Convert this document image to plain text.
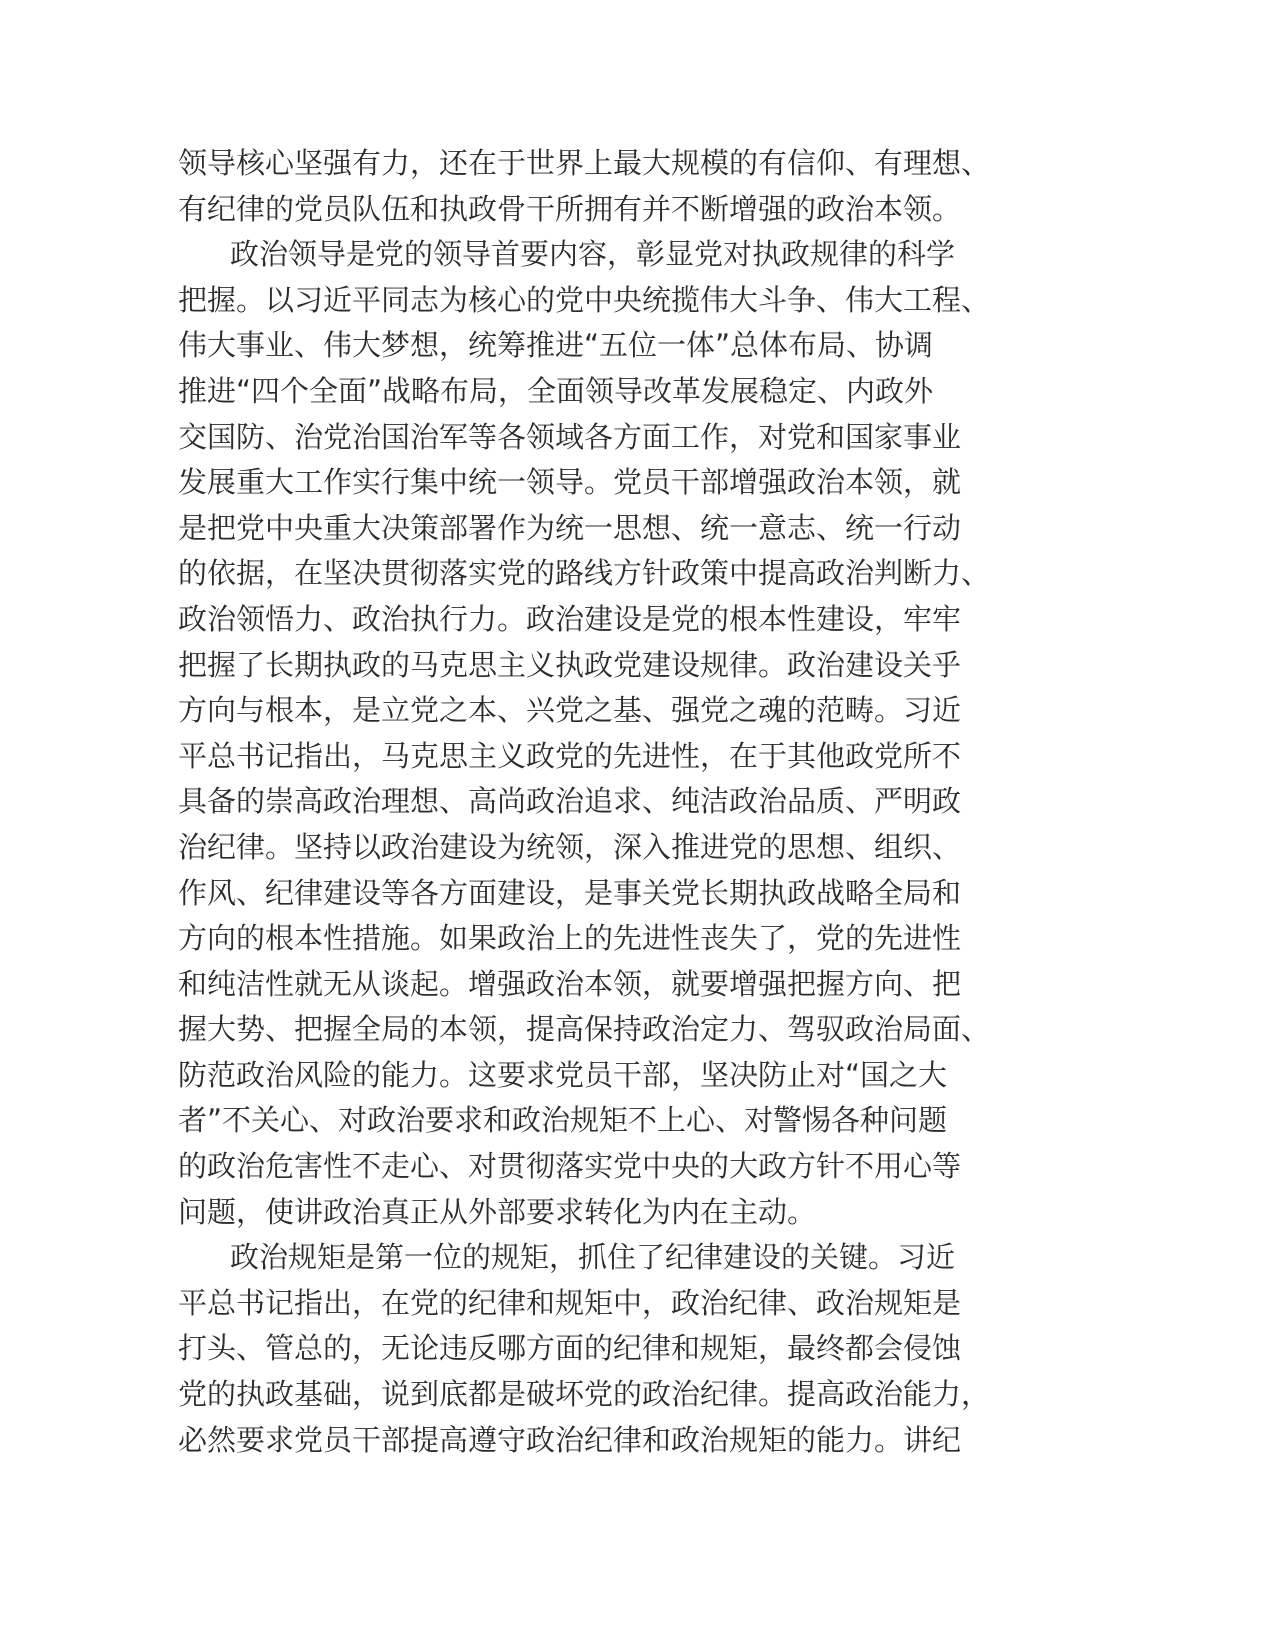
领导核心坚强有力，还在于世界上最大规模的有信仰、有理想、
有纪律的党员队伍和执政骨干所拥有并不断增强的政治本领。
政治领导是党的领导首要内容，彰显党对执政规律的科学
把握。以习近平同志为核心的党中央统揽伟大斗争、伟大工程、
伟大事业、伟大梦想，统筹推进“五位一体”总体布局、协调
推进“四个全面”战略布局，全面领导改革发展稳定、内政外
交国防、治党治国治军等各领域各方面工作，对党和国家事业
发展重大工作实行集中统一领导。党员干部增强政治本领，就
是把党中央重大决策部署作为统一思想、统一意志、统一行动
的依据，在坚决贯彻落实党的路线方针政策中提高政治判断力、
政治领悟力、政治执行力。政治建设是党的根本性建设，牢牢
把握了长期执政的马克思主义执政党建设规律。政治建设关乎
方向与根本，是立党之本、兴党之基、强党之魂的范畴。习近
平总书记指出，马克思主义政党的先进性，在于其他政党所不
具备的崇高政治理想、高尚政治追求、纯洁政治品质、严明政
治纪律。坚持以政治建设为统领，深入推进党的思想、组织、
作风、纪律建设等各方面建设，是事关党长期执政战略全局和
方向的根本性措施。如果政治上的先进性丧失了，党的先进性
和纯洁性就无从谈起。增强政治本领，就要增强把握方向、把
握大势、把握全局的本领，提高保持政治定力、驾驭政治局面、
防范政治风险的能力。这要求党员干部，坚决防止对“国之大
者”不关心、对政治要求和政治规矩不上心、对警惕各种问题
的政治危害性不走心、对贯彻落实党中央的大政方针不用心等
问题，使讲政治真正从外部要求转化为内在主动。
政治规矩是第一位的规矩，抓住了纪律建设的关键。习近
平总书记指出，在党的纪律和规矩中，政治纪律、政治规矩是
打头、管总的，无论违反哪方面的纪律和规矩，最终都会侵蚀
党的执政基础，说到底都是破坏党的政治纪律。提高政治能力，
必然要求党员干部提高遵守政治纪律和政治规矩的能力。讲纪
